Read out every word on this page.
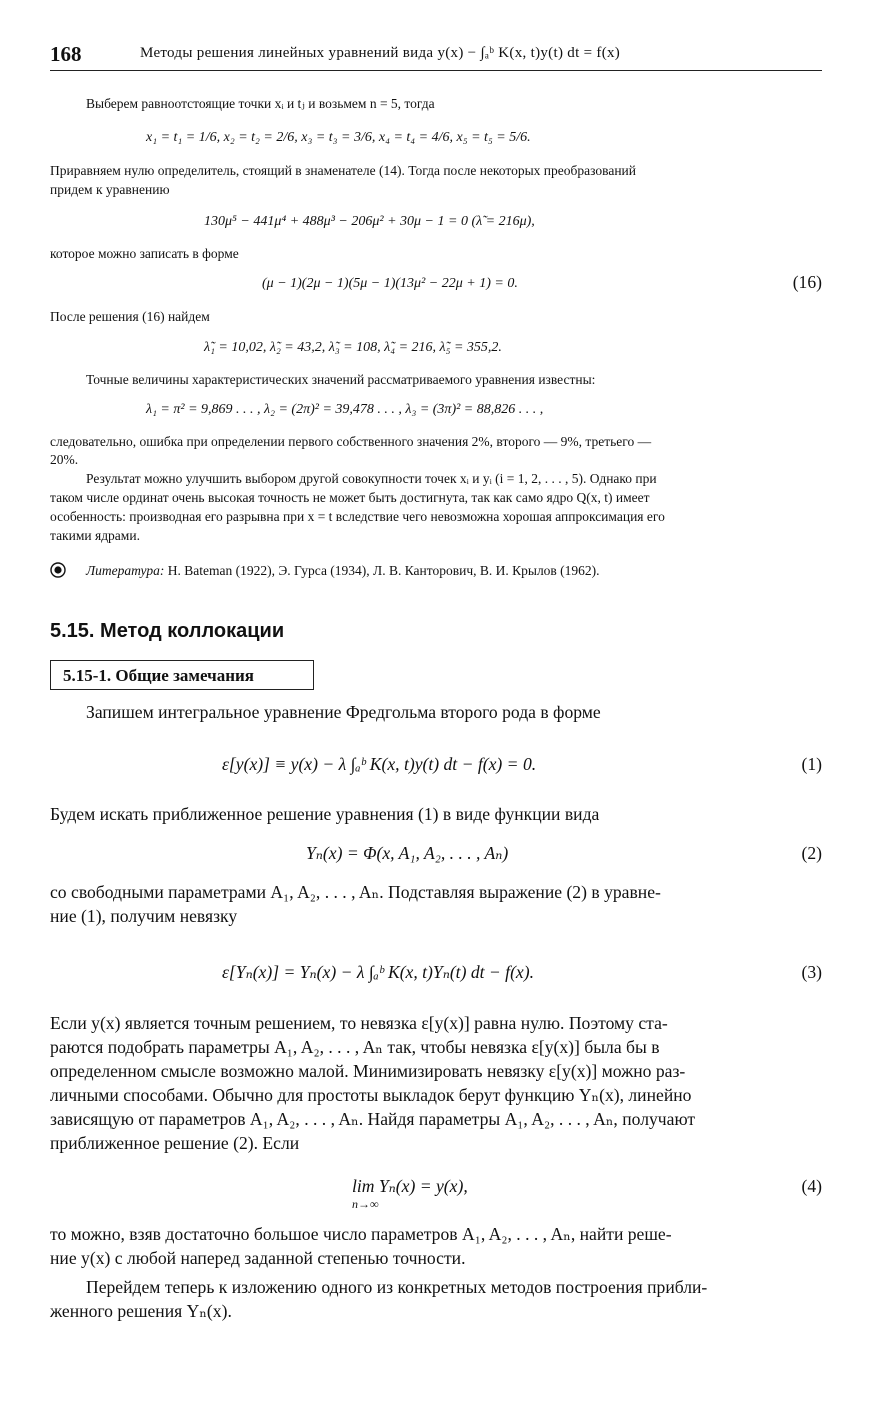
168	Методы решения линейных уравнений вида y(x) − ∫ₐᵇ K(x, t)y(t) dt = f(x)
Выберем равноотстоящие точки xᵢ и tⱼ и возьмем n = 5, тогда
x₁ = t₁ = 1/6, x₂ = t₂ = 2/6, x₃ = t₃ = 3/6, x₄ = t₄ = 4/6, x₅ = t₅ = 5/6.
Приравняем нулю определитель, стоящий в знаменателе (14). Тогда после некоторых преобразований
придем к уравнению
130μ⁵ − 441μ⁴ + 488μ³ − 206μ² + 30μ − 1 = 0 (λ̃ = 216μ),
которое можно записать в форме
(μ − 1)(2μ − 1)(5μ − 1)(13μ² − 22μ + 1) = 0.	(16)
После решения (16) найдем
λ̃₁ = 10,02, λ̃₂ = 43,2, λ̃₃ = 108, λ̃₄ = 216, λ̃₅ = 355,2.
Точные величины характеристических значений рассматриваемого уравнения известны:
λ₁ = π² = 9,869 . . . , λ₂ = (2π)² = 39,478 . . . , λ₃ = (3π)² = 88,826 . . . ,
следовательно, ошибка при определении первого собственного значения 2%, второго — 9%, третьего —
20%.
Результат можно улучшить выбором другой совокупности точек xᵢ и yᵢ (i = 1, 2, . . . , 5). Однако при
таком числе ординат очень высокая точность не может быть достигнута, так как само ядро Q(x, t) имеет
особенность: производная его разрывна при x = t вследствие чего невозможна хорошая аппроксимация его
такими ядрами.
Литература: H. Bateman (1922), Э. Гурса (1934), Л. В. Канторович, В. И. Крылов (1962).
5.15. Метод коллокации
5.15-1. Общие замечания
Запишем интегральное уравнение Фредгольма второго рода в форме
ε[y(x)] ≡ y(x) − λ ∫ₐᵇ K(x, t)y(t) dt − f(x) = 0.	(1)
Будем искать приближенное решение уравнения (1) в виде функции вида
Yₙ(x) = Φ(x, A₁, A₂, . . . , Aₙ)	(2)
со свободными параметрами A₁, A₂, . . . , Aₙ. Подставляя выражение (2) в уравне-
ние (1), получим невязку
ε[Yₙ(x)] = Yₙ(x) − λ ∫ₐᵇ K(x, t)Yₙ(t) dt − f(x).	(3)
Если y(x) является точным решением, то невязка ε[y(x)] равна нулю. Поэтому ста-
раются подобрать параметры A₁, A₂, . . . , Aₙ так, чтобы невязка ε[y(x)] была бы в
определенном смысле возможно малой. Минимизировать невязку ε[y(x)] можно раз-
личными способами. Обычно для простоты выкладок берут функцию Yₙ(x), линейно
зависящую от параметров A₁, A₂, . . . , Aₙ. Найдя параметры A₁, A₂, . . . , Aₙ, получают
приближенное решение (2). Если
lim Yₙ(x) = y(x),
n→∞
(4)
то можно, взяв достаточно большое число параметров A₁, A₂, . . . , Aₙ, найти реше-
ние y(x) с любой наперед заданной степенью точности.
Перейдем теперь к изложению одного из конкретных методов построения прибли-
женного решения Yₙ(x).
